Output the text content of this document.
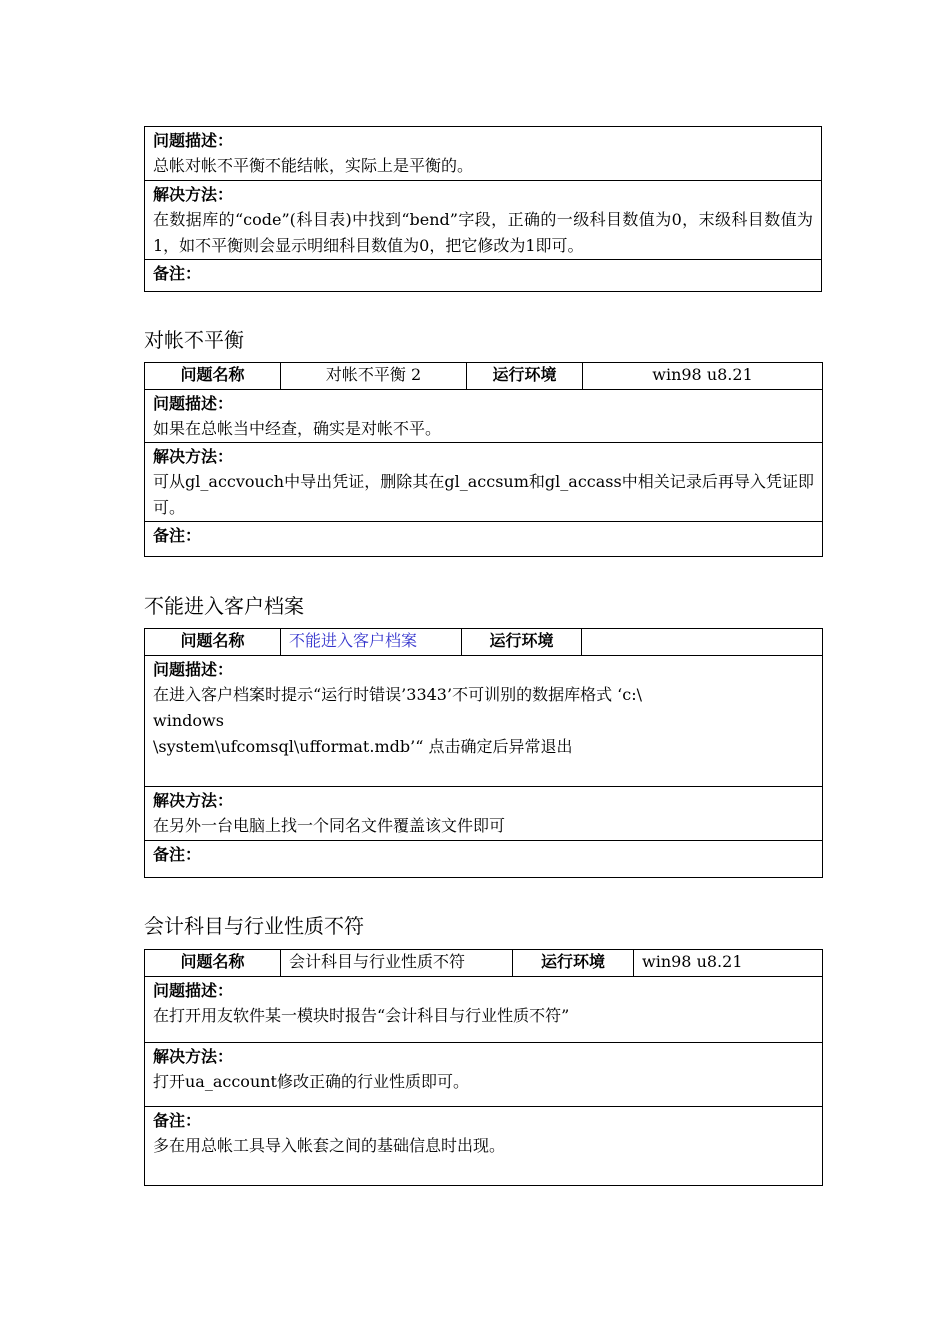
问题描述：
总帐对帐不平衡不能结帐，实际上是平衡的。

解决方法：
在数据库的“code”(科目表)中找到“bend”字段，正确的一级科目数值为0，末级科目数值为1，如不平衡则会显示明细科目数值为0，把它修改为1即可。

备注：
对帐不平衡
问题名称	对帐不平衡 2	运行环境	win98 u8.21

问题描述：
如果在总帐当中经查，确实是对帐不平。

解决方法：
可从gl_accvouch中导出凭证，删除其在gl_accsum和gl_accass中相关记录后再导入凭证即可。

备注：
不能进入客户档案
问题名称	不能进入客户档案	运行环境	

问题描述：
在进入客户档案时提示“运行时错误’3343’不可训别的数据库格式 ‘c:\
windows
\system\ufcomsql\ufformat.mdb’“ 点击确定后异常退出

解决方法：
在另外一台电脑上找一个同名文件覆盖该文件即可

备注：
会计科目与行业性质不符
问题名称	会计科目与行业性质不符	运行环境	win98 u8.21

问题描述：
在打开用友软件某一模块时报告“会计科目与行业性质不符”

解决方法：
打开ua_account修改正确的行业性质即可。

备注：
多在用总帐工具导入帐套之间的基础信息时出现。
